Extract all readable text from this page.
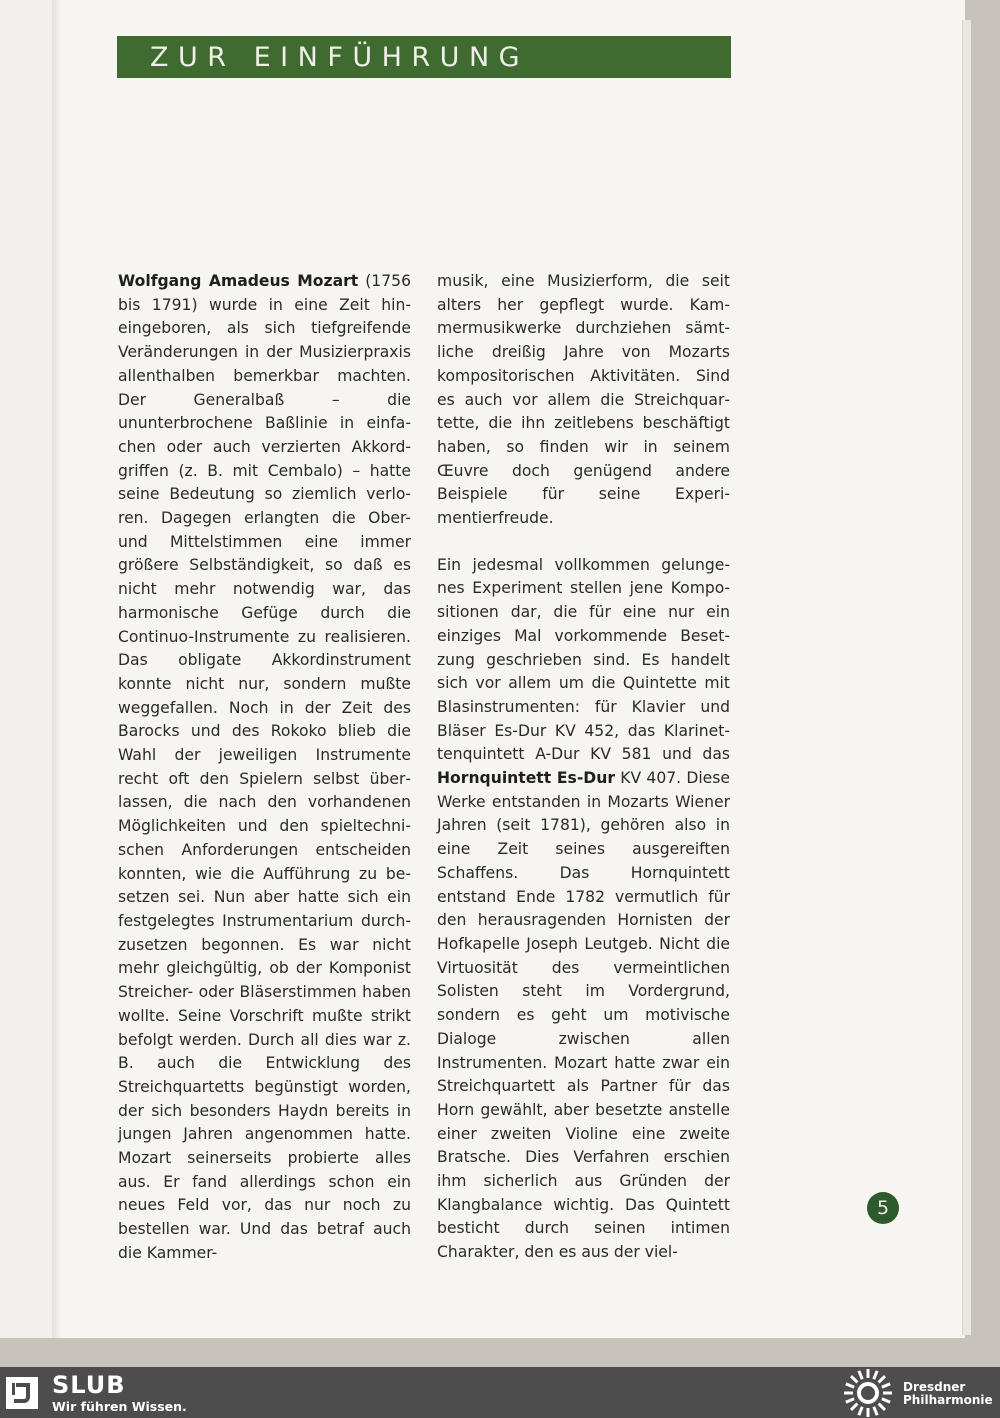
ZUR EINFÜHRUNG

Wolfgang Amadeus Mozart (1756 bis 1791) wurde in eine Zeit hineingeboren, als sich tiefgreifende Veränderungen in der Musizierpraxis allenthalben bemerkbar machten. Der Generalbaß – die ununterbrochene Baßlinie in einfachen oder auch verzierten Akkordgriffen (z. B. mit Cembalo) – hatte seine Bedeutung so ziemlich verloren. Dagegen erlangten die Ober- und Mittelstimmen eine immer größere Selbständigkeit, so daß es nicht mehr notwendig war, das harmonische Gefüge durch die Continuo-Instrumente zu realisieren. Das obligate Akkordinstrument konnte nicht nur, sondern mußte weggefallen. Noch in der Zeit des Barocks und des Rokoko blieb die Wahl der jeweiligen Instrumente recht oft den Spielern selbst überlassen, die nach den vorhandenen Möglichkeiten und den spieltechnischen Anforderungen entscheiden konnten, wie die Aufführung zu besetzen sei. Nun aber hatte sich ein festgelegtes Instrumentarium durchzusetzen begonnen. Es war nicht mehr gleichgültig, ob der Komponist Streicher- oder Bläserstimmen haben wollte. Seine Vorschrift mußte strikt befolgt werden. Durch all dies war z. B. auch die Entwicklung des Streichquartetts begünstigt worden, der sich besonders Haydn bereits in jungen Jahren angenommen hatte. Mozart seinerseits probierte alles aus. Er fand allerdings schon ein neues Feld vor, das nur noch zu bestellen war. Und das betraf auch die Kammer-

musik, eine Musizierform, die seit alters her gepflegt wurde. Kammermusikwerke durchziehen sämtliche dreißig Jahre von Mozarts kompositorischen Aktivitäten. Sind es auch vor allem die Streichquartette, die ihn zeitlebens beschäftigt haben, so finden wir in seinem Œuvre doch genügend andere Beispiele für seine Experimentierfreude.

Ein jedesmal vollkommen gelungenes Experiment stellen jene Kompositionen dar, die für eine nur ein einziges Mal vorkommende Besetzung geschrieben sind. Es handelt sich vor allem um die Quintette mit Blasinstrumenten: für Klavier und Bläser Es-Dur KV 452, das Klarinettenquintett A-Dur KV 581 und das Hornquintett Es-Dur KV 407. Diese Werke entstanden in Mozarts Wiener Jahren (seit 1781), gehören also in eine Zeit seines ausgereiften Schaffens. Das Hornquintett entstand Ende 1782 vermutlich für den herausragenden Hornisten der Hofkapelle Joseph Leutgeb. Nicht die Virtuosität des vermeintlichen Solisten steht im Vordergrund, sondern es geht um motivische Dialoge zwischen allen Instrumenten. Mozart hatte zwar ein Streichquartett als Partner für das Horn gewählt, aber besetzte anstelle einer zweiten Violine eine zweite Bratsche. Dies Verfahren erschien ihm sicherlich aus Gründen der Klangbalance wichtig. Das Quintett besticht durch seinen intimen Charakter, den es aus der viel-

5
SLUB
Wir führen Wissen.
Dresdner
Philharmonie
